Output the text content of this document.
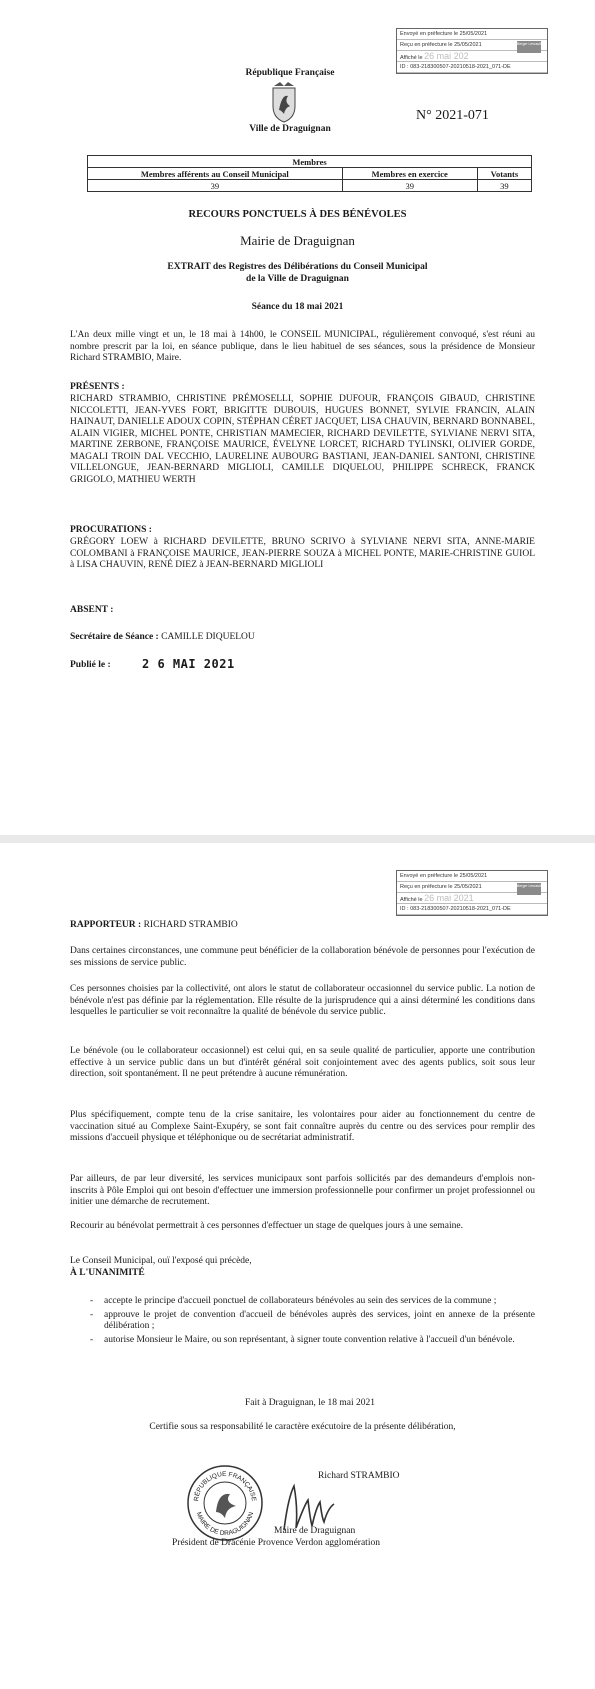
Envoyé en préfecture le 25/05/2021
Reçu en préfecture le 25/05/2021
Affiché le 26 mai 202
ID : 083-218300507-20210518-2021_071-DE
Berger Levrault
République Française
Ville de Draguignan
N° 2021-071
Membres		
Membres afférents au Conseil Municipal	Membres en exercice	Votants
39	39	39
RECOURS PONCTUELS À DES BÉNÉVOLES
Mairie de Draguignan
EXTRAIT des Registres des Délibérations du Conseil Municipal
de la Ville de Draguignan
Séance du 18 mai 2021
L'An deux mille vingt et un, le 18 mai à 14h00, le CONSEIL MUNICIPAL, régulièrement convoqué, s'est réuni au nombre prescrit par la loi, en séance publique, dans le lieu habituel de ses séances, sous la présidence de Monsieur Richard STRAMBIO, Maire.
PRÉSENTS :
RICHARD STRAMBIO, CHRISTINE PRÉMOSELLI, SOPHIE DUFOUR, FRANÇOIS GIBAUD, CHRISTINE NICCOLETTI, JEAN-YVES FORT, BRIGITTE DUBOUIS, HUGUES BONNET, SYLVIE FRANCIN, ALAIN HAINAUT, DANIELLE ADOUX COPIN, STÉPHAN CÉRET JACQUET, LISA CHAUVIN, BERNARD BONNABEL, ALAIN VIGIER, MICHEL PONTE, CHRISTIAN MAMECIER, RICHARD DEVILETTE, SYLVIANE NERVI SITA, MARTINE ZERBONE, FRANÇOISE MAURICE, ÉVELYNE LORCET, RICHARD TYLINSKI, OLIVIER GORDE, MAGALI TROIN DAL VECCHIO, LAURELINE AUBOURG BASTIANI, JEAN-DANIEL SANTONI, CHRISTINE VILLELONGUE, JEAN-BERNARD MIGLIOLI, CAMILLE DIQUELOU, PHILIPPE SCHRECK, FRANCK GRIGOLO, MATHIEU WERTH
PROCURATIONS :
GRÉGORY LOEW à RICHARD DEVILETTE, BRUNO SCRIVO à SYLVIANE NERVI SITA, ANNE-MARIE COLOMBANI à FRANÇOISE MAURICE, JEAN-PIERRE SOUZA à MICHEL PONTE, MARIE-CHRISTINE GUIOL à LISA CHAUVIN, RENÉ DIEZ à JEAN-BERNARD MIGLIOLI
ABSENT :
Secrétaire de Séance : CAMILLE DIQUELOU
Publié le :	2 6 MAI 2021
Envoyé en préfecture le 25/05/2021
Reçu en préfecture le 25/05/2021
Affiché le 26 mai 2021
ID : 083-218300507-20210518-2021_071-DE
Berger Levrault
RAPPORTEUR : RICHARD STRAMBIO
Dans certaines circonstances, une commune peut bénéficier de la collaboration bénévole de personnes pour l'exécution de ses missions de service public.
Ces personnes choisies par la collectivité, ont alors le statut de collaborateur occasionnel du service public. La notion de bénévole n'est pas définie par la réglementation. Elle résulte de la jurisprudence qui a ainsi déterminé les conditions dans lesquelles le particulier se voit reconnaître la qualité de bénévole du service public.
Le bénévole (ou le collaborateur occasionnel) est celui qui, en sa seule qualité de particulier, apporte une contribution effective à un service public dans un but d'intérêt général soit conjointement avec des agents publics, soit sous leur direction, soit spontanément. Il ne peut prétendre à aucune rémunération.
Plus spécifiquement, compte tenu de la crise sanitaire, les volontaires pour aider au fonctionnement du centre de vaccination situé au Complexe Saint-Exupéry, se sont fait connaître auprès du centre ou des services pour remplir des missions d'accueil physique et téléphonique ou de secrétariat administratif.
Par ailleurs, de par leur diversité, les services municipaux sont parfois sollicités par des demandeurs d'emplois non-inscrits à Pôle Emploi qui ont besoin d'effectuer une immersion professionnelle pour confirmer un projet professionnel ou initier une démarche de recrutement.
Recourir au bénévolat permettrait à ces personnes d'effectuer un stage de quelques jours à une semaine.
Le Conseil Municipal, ouï l'exposé qui précède,
À L'UNANIMITÉ
- accepte le principe d'accueil ponctuel de collaborateurs bénévoles au sein des services de la commune ;
- approuve le projet de convention d'accueil de bénévoles auprès des services, joint en annexe de la présente délibération ;
- autorise Monsieur le Maire, ou son représentant, à signer toute convention relative à l'accueil d'un bénévole.
Fait à Draguignan, le 18 mai 2021
Certifie sous sa responsabilité le caractère exécutoire de la présente délibération,
RÉPUBLIQUE FRANÇAISE
MAIRE DE DRAGUIGNAN
Richard STRAMBIO
Maire de Draguignan
Président de Dracénie Provence Verdon agglomération
